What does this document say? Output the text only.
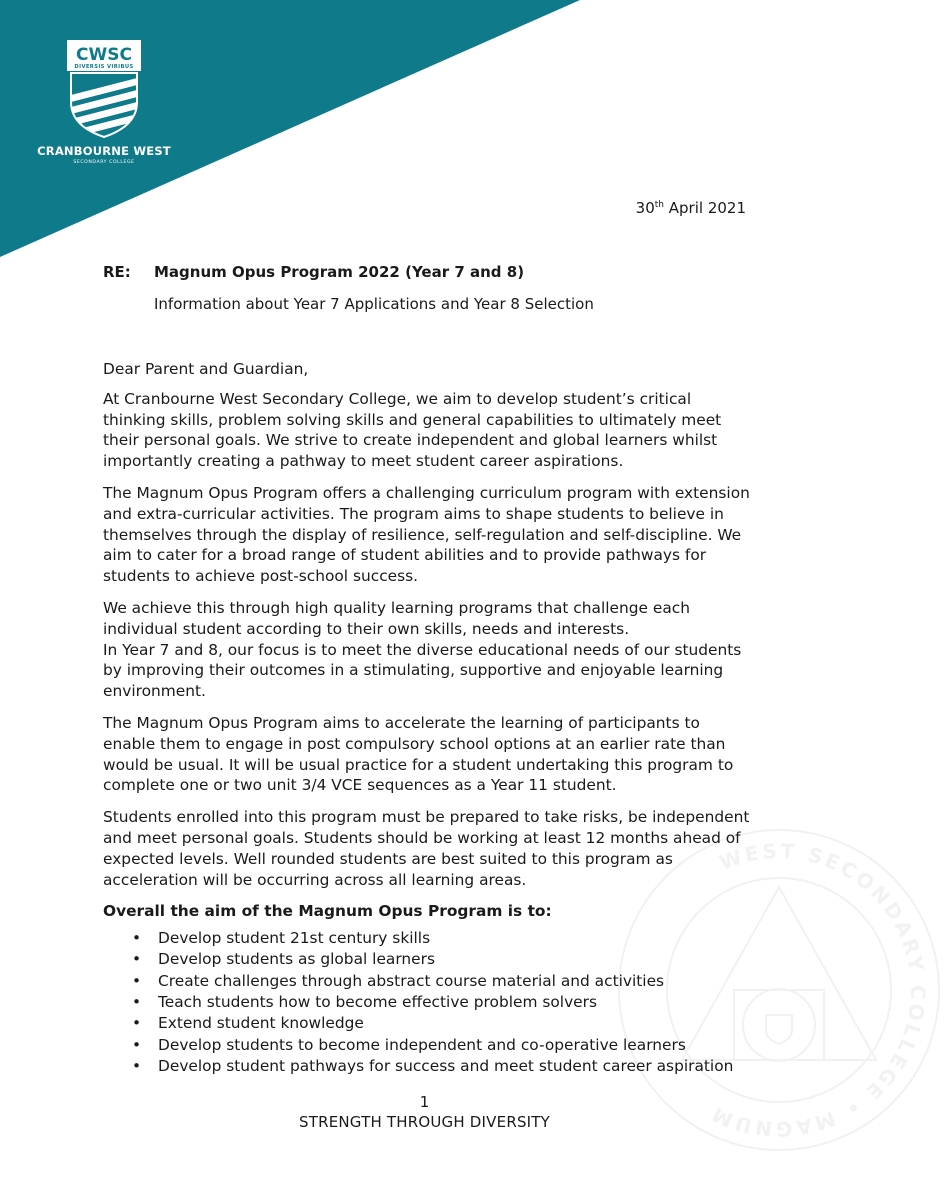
CWSC
DIVERSIS VIRIBUS
CRANBOURNE WEST
SECONDARY COLLEGE
WEST SECONDARY COLLEGE • MAGNUM
30th April 2021
RE: Magnum Opus Program 2022 (Year 7 and 8)
Information about Year 7 Applications and Year 8 Selection

Dear Parent and Guardian,

At Cranbourne West Secondary College, we aim to develop student’s critical thinking skills, problem solving skills and general capabilities to ultimately meet their personal goals. We strive to create independent and global learners whilst importantly creating a pathway to meet student career aspirations.

The Magnum Opus Program offers a challenging curriculum program with extension and extra-curricular activities. The program aims to shape students to believe in themselves through the display of resilience, self-regulation and self-discipline. We aim to cater for a broad range of student abilities and to provide pathways for students to achieve post-school success.

We achieve this through high quality learning programs that challenge each individual student according to their own skills, needs and interests.
In Year 7 and 8, our focus is to meet the diverse educational needs of our students by improving their outcomes in a stimulating, supportive and enjoyable learning environment.

The Magnum Opus Program aims to accelerate the learning of participants to enable them to engage in post compulsory school options at an earlier rate than would be usual. It will be usual practice for a student undertaking this program to complete one or two unit 3/4 VCE sequences as a Year 11 student.

Students enrolled into this program must be prepared to take risks, be independent and meet personal goals. Students should be working at least 12 months ahead of expected levels. Well rounded students are best suited to this program as acceleration will be occurring across all learning areas.

Overall the aim of the Magnum Opus Program is to:
• Develop student 21st century skills
• Develop students as global learners
• Create challenges through abstract course material and activities
• Teach students how to become effective problem solvers
• Extend student knowledge
• Develop students to become independent and co-operative learners
• Develop student pathways for success and meet student career aspiration
1
STRENGTH THROUGH DIVERSITY
